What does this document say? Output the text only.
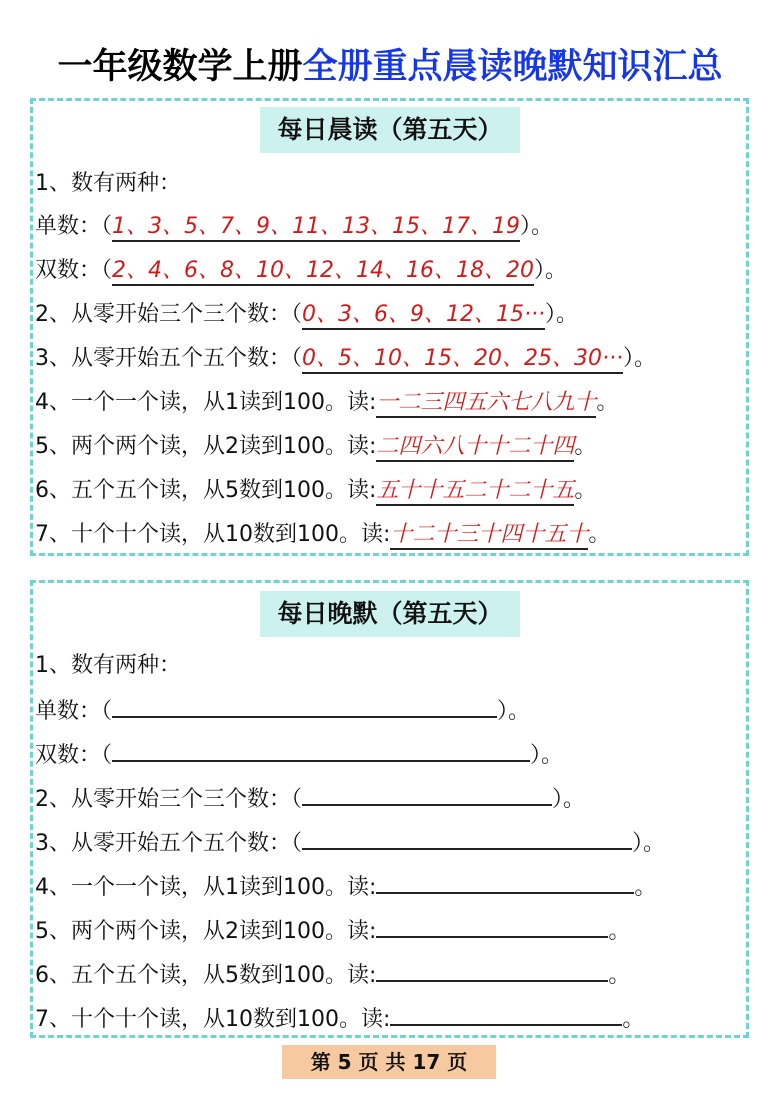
一年级数学上册全册重点晨读晚默知识汇总
每日晨读（第五天）
1、数有两种：
单数：（1、3、5、7、9、11、13、15、17、19）。
双数：（2、4、6、8、10、12、14、16、18、20）。
2、从零开始三个三个数：（0、3、6、9、12、15···）。
3、从零开始五个五个数：（0、5、10、15、20、25、30···）。
4、一个一个读，从1读到100。读:一二三四五六七八九十。
5、两个两个读，从2读到100。读:二四六八十十二十四。
6、五个五个读，从5数到100。读:五十十五二十二十五。
7、十个十个读，从10数到100。读:十二十三十四十五十。
每日晚默（第五天）
1、数有两种：
单数：（	）。
双数：（	）。
2、从零开始三个三个数：（	）。
3、从零开始五个五个数：（	）。
4、一个一个读，从1读到100。读:	。
5、两个两个读，从2读到100。读:	。
6、五个五个读，从5数到100。读:	。
7、十个十个读，从10数到100。读:	。
第 5 页 共 17 页
